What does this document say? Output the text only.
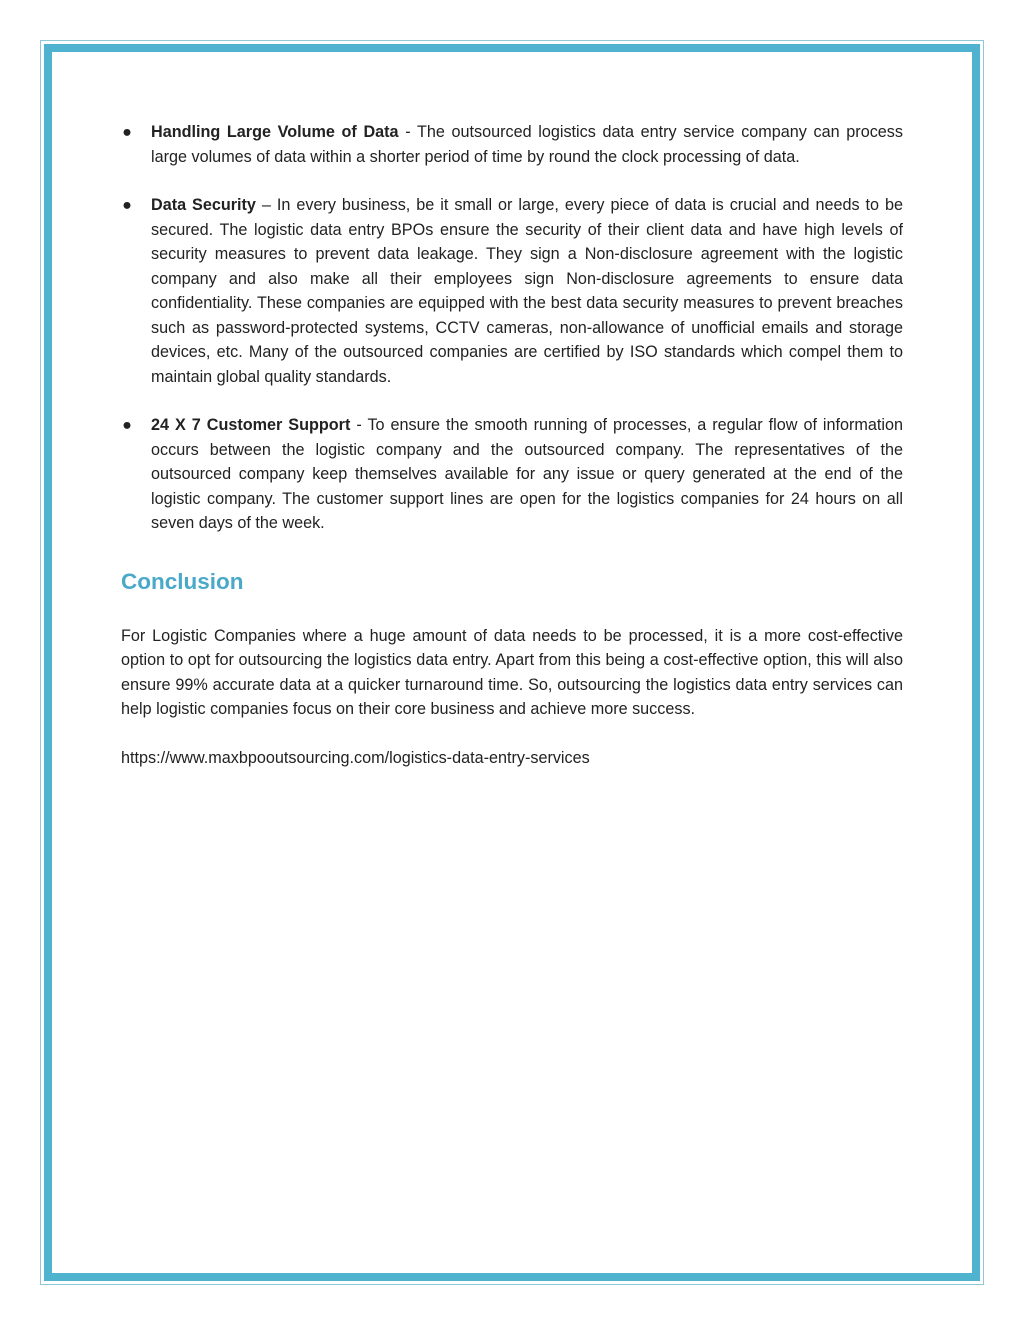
● Handling Large Volume of Data - The outsourced logistics data entry service company can process large volumes of data within a shorter period of time by round the clock processing of data.
● Data Security – In every business, be it small or large, every piece of data is crucial and needs to be secured. The logistic data entry BPOs ensure the security of their client data and have high levels of security measures to prevent data leakage. They sign a Non-disclosure agreement with the logistic company and also make all their employees sign Non-disclosure agreements to ensure data confidentiality. These companies are equipped with the best data security measures to prevent breaches such as password-protected systems, CCTV cameras, non-allowance of unofficial emails and storage devices, etc. Many of the outsourced companies are certified by ISO standards which compel them to maintain global quality standards.
● 24 X 7 Customer Support - To ensure the smooth running of processes, a regular flow of information occurs between the logistic company and the outsourced company. The representatives of the outsourced company keep themselves available for any issue or query generated at the end of the logistic company. The customer support lines are open for the logistics companies for 24 hours on all seven days of the week.
Conclusion

For Logistic Companies where a huge amount of data needs to be processed, it is a more cost-effective option to opt for outsourcing the logistics data entry. Apart from this being a cost-effective option, this will also ensure 99% accurate data at a quicker turnaround time. So, outsourcing the logistics data entry services can help logistic companies focus on their core business and achieve more success.

https://www.maxbpooutsourcing.com/logistics-data-entry-services
